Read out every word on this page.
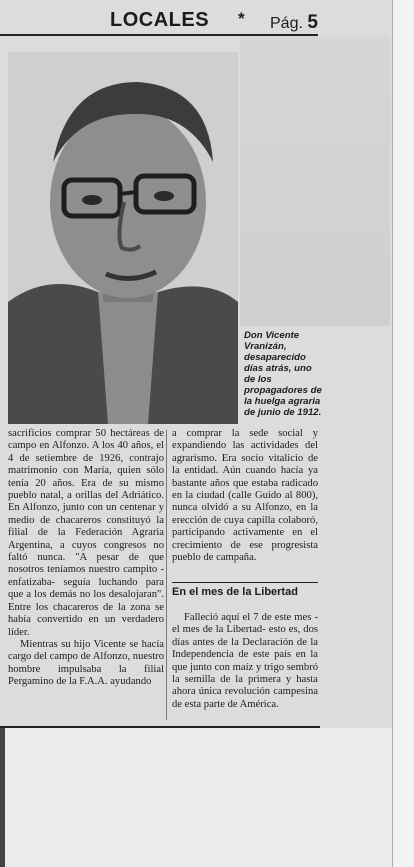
LOCALES * Pág. 5
Don Vicente Vranizán, desaparecido días atrás, uno de los propagadores de la huelga agraria de junio de 1912.

sacrificios comprar 50 hectáreas de campo en Alfonzo. A los 40 años, el 4 de setiembre de 1926, contrajo matrimonio con María, quien sólo tenía 20 años. Era de su mismo pueblo natal, a orillas del Adriático. En Alfonzo, junto con un centenar y medio de chacareros constituyó la filial de la Federación Agraria Argentina, a cuyos congresos no faltó nunca. "A pesar de que nosotros teníamos nuestro campito -enfatizaba- seguía luchando para que a los demás no los desalojaran". Entre los chacareros de la zona se había convertido en un verdadero líder.

Mientras su hijo Vicente se hacía cargo del campo de Alfonzo, nuestro hombre impulsaba la filial Pergamino de la F.A.A. ayudando

a comprar la sede social y expandiendo las actividades del agrarismo. Era socio vitalicio de la entidad. Aún cuando hacía ya bastante años que estaba radicado en la ciudad (calle Guido al 800), nunca olvidó a su Alfonzo, en la erección de cuya capilla colaboró, participando activamente en el crecimiento de ese progresista pueblo de campaña.

En el mes de la Libertad

Falleció aquí el 7 de este mes -el mes de la Libertad- esto es, dos días antes de la Declaración de la Independencia de este país en la que junto con maíz y trigo sembró la semilla de la primera y hasta ahora única revolución campesina de esta parte de América.
